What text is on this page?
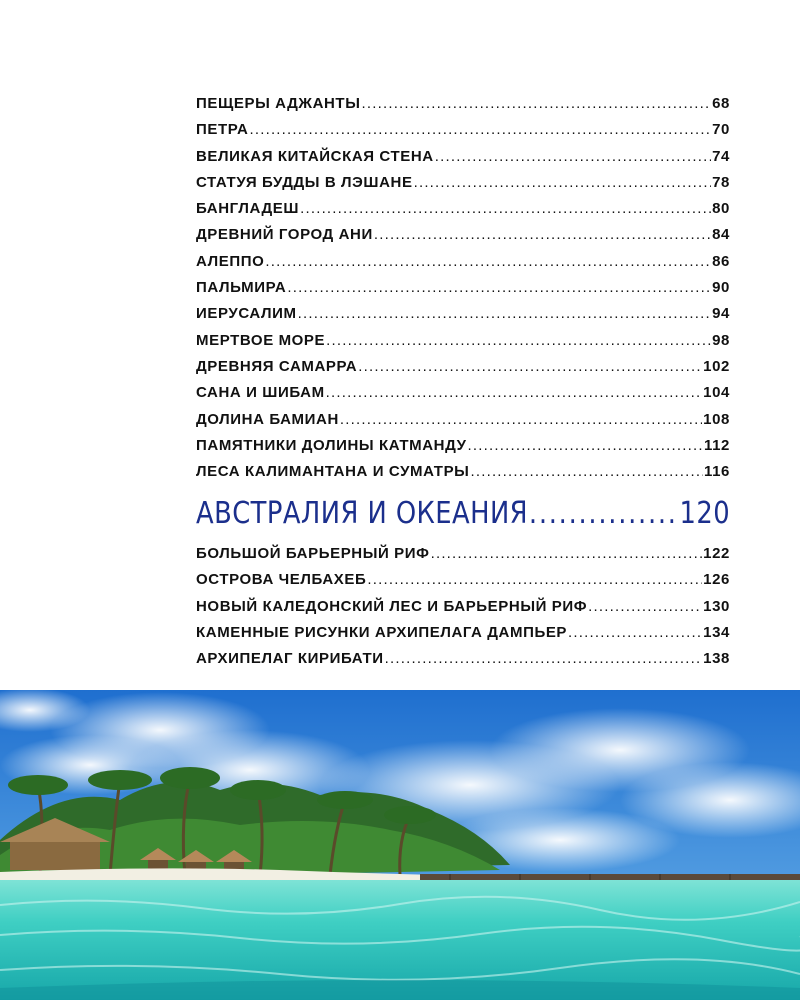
ПЕЩЕРЫ АДЖАНТЫ .....	68
ПЕТРА .....	70
ВЕЛИКАЯ КИТАЙСКАЯ СТЕНА .....	74
СТАТУЯ БУДДЫ В ЛЭШАНЕ .....	78
БАНГЛАДЕШ .....	80
ДРЕВНИЙ ГОРОД АНИ .....	84
АЛЕППО .....	86
ПАЛЬМИРА .....	90
ИЕРУСАЛИМ .....	94
МЕРТВОЕ МОРЕ .....	98
ДРЕВНЯЯ САМАРРА .....	102
САНА И ШИБАМ .....	104
ДОЛИНА БАМИАН .....	108
ПАМЯТНИКИ ДОЛИНЫ КАТМАНДУ .....	112
ЛЕСА КАЛИМАНТАНА И СУМАТРЫ .....	116
АВСТРАЛИЯ И ОКЕАНИЯ .....	120
БОЛЬШОЙ БАРЬЕРНЫЙ РИФ .....	122
ОСТРОВА ЧЕЛБАХЕБ .....	126
НОВЫЙ КАЛЕДОНСКИЙ ЛЕС И БАРЬЕРНЫЙ РИФ .....	130
КАМЕННЫЕ РИСУНКИ АРХИПЕЛАГА ДАМПЬЕР .....	134
АРХИПЕЛАГ КИРИБАТИ .....	138
